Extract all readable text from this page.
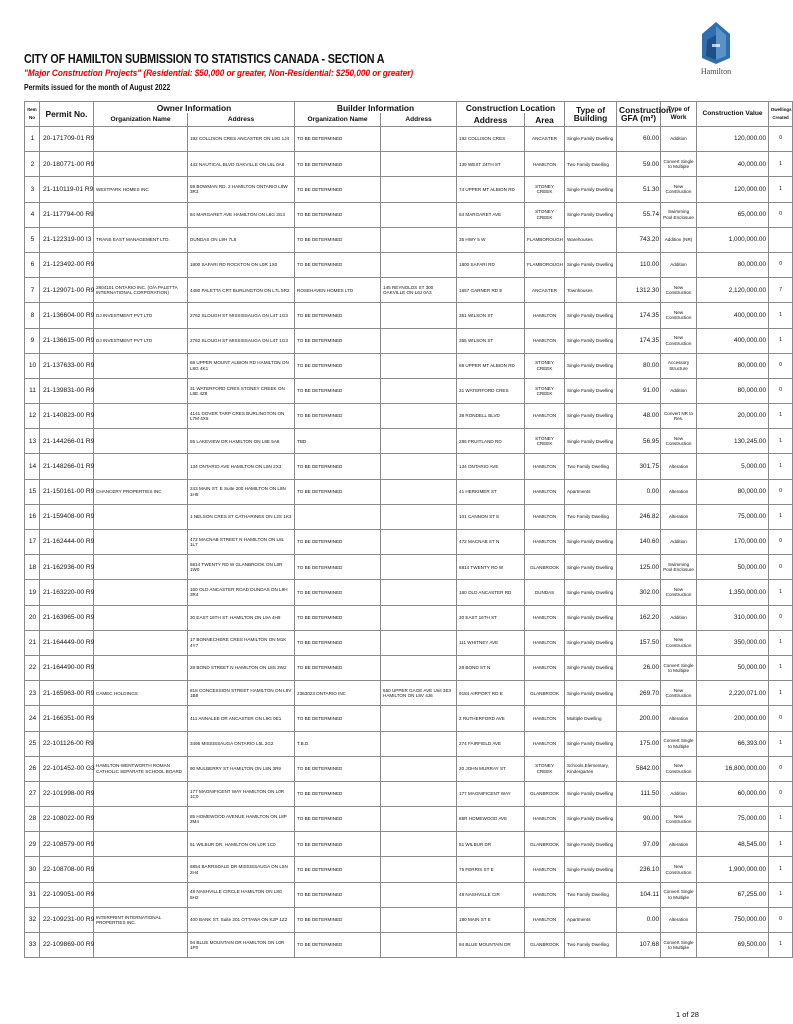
Hamilton
CITY OF HAMILTON SUBMISSION TO STATISTICS CANADA - SECTION A
"Major Construction Projects" (Residential: $50,000 or greater, Non-Residential: $250,000 or greater)
Permits issued for the month of August 2022
Item No	Permit No.	Owner Information		Builder Information		Construction Location		Type of Building	Construction GFA (m²)	Type of Work	Construction Value	Dwellings Created
		Organization Name	Address	Organization Name	Address	Address	Area					
1	20-171709-01 R9		192 COLLISON CRES ANCASTER ON L9G 1J4	TO BE DETERMINED		192 COLLISON CRES	ANCASTER	Single Family Dwelling	60.00	Addition	120,000.00	0
2	20-180771-00 R9		442 NAUTICAL BLVD OAKVILLE ON L6L 0A8	TO BE DETERMINED		139 WEST 24TH ST	HAMILTON	Two Family Dwelling	59.00	Convert Single to Multiple	40,000.00	1
3	21-110119-01 R9	WESTPARK HOMES INC	59 BOWMAN RD. 2 HAMILTON ONTARIO L8W 3R3	TO BE DETERMINED		74 UPPER MT ALBION RD	STONEY CREEK	Single Family Dwelling	51.30	New Construction	120,000.00	1
4	21-117794-00 R9		84 MARGARET AVE HAMILTON ON L8G 3G3	TO BE DETERMINED		84 MARGARET AVE	STONEY CREEK	Single Family Dwelling	55.74	Swimming Pool Enclosure	65,000.00	0
5	21-122319-00 I3	TRANS EAST MANAGEMENT LTD.	DUNDAS ON L9H 7L8	TO BE DETERMINED		35 HWY 5 W	FLAMBOROUGH	Warehouses	743.20	Addition (NR)	1,000,000.00	
6	21-123492-00 R9		1800 SAFARI RD ROCKTON ON L0R 1X0	TO BE DETERMINED		1800 SAFARI RD	FLAMBOROUGH	Single Family Dwelling	110.00	Addition	80,000.00	0
7	21-129071-00 R9	2804101 ONTARIO INC. (O/A PALETTA INTERNATIONAL CORPORATION)	4480 PALETTA CRT BURLINGTON ON L7L 5R2	ROSEHAVEN HOMES LTD	145 REYNOLDS ST 300 OAKVILLE ON L6J 0A3	1657 GARNER RD E	ANCASTER	Townhouses	1312.30	New Construction	2,120,000.00	7
8	21-136604-00 R9	DJ INVESTMENT PVT LTD	2762 SLOUGH ST MISSISSAUGA ON L4T 1G3	TO BE DETERMINED		351 WILSON ST	HAMILTON	Single Family Dwelling	174.35	New Construction	400,000.00	1
9	21-136615-00 R9	DJ INVESTMENT PVT LTD	2762 SLOUGH ST MISSISSAUGA ON L4T 1G3	TO BE DETERMINED		355 WILSON ST	HAMILTON	Single Family Dwelling	174.35	New Construction	400,000.00	1
10	21-137633-00 R9		68 UPPER MOUNT ALBION RD HAMILTON ON L8G 4K1	TO BE DETERMINED		68 UPPER MT ALBION RD	STONEY CREEK	Single Family Dwelling	80.00	Accessory Structure	80,000.00	0
11	21-139831-00 R9		31 WATERFORD CRES STONEY CREEK ON L8E 4Z8	TO BE DETERMINED		31 WATERFORD CRES	STONEY CREEK	Single Family Dwelling	91.00	Addition	80,000.00	0
12	21-140823-00 R9		4141 DOVER TARP CRES BURLINGTON ON L7M 4X6	TO BE DETERMINED		38 RONDELL BLVD	HAMILTON	Single Family Dwelling	48.00	Convert NR to Res.	20,000.00	1
13	21-144266-01 R9		55 LAKEVIEW DR HAMILTON ON L8E 5A8	TBD		286 FRUITLAND RD	STONEY CREEK	Single Family Dwelling	56.95	New Construction	130,245.00	1
14	21-148266-01 R9		134 ONTARIO AVE HAMILTON ON L8N 2X3	TO BE DETERMINED		134 ONTARIO AVE	HAMILTON	Two Family Dwelling	301.75	Alteration	5,000.00	1
15	21-150161-00 R9	CHANCERY PROPERTIES INC	243 MAIN ST. E Suite 200 HAMILTON ON L8N 1H5	TO BE DETERMINED		41 HERKIMER ST	HAMILTON	Apartments	0.00	Alteration	80,000.00	0
16	21-159408-00 R9		1 NELSON CRES ST CATHARINES ON L2S 1K3			101 CANNON ST E	HAMILTON	Two Family Dwelling	246.82	Alteration	75,000.00	1
17	21-162444-00 R9		472 MACNAB STREET N HAMILTON ON L8L 1L7	TO BE DETERMINED		472 MACNAB ST N	HAMILTON	Single Family Dwelling	140.60	Addition	170,000.00	0
18	21-162936-00 R9		6814 TWENTY RD W GLANBROOK ON L0R 1W0	TO BE DETERMINED		6814 TWENTY RD W	GLANBROOK	Single Family Dwelling	125.00	Swimming Pool Enclosure	50,000.00	0
19	21-163220-00 R9		160 OLD ANCASTER ROAD DUNDAS ON L9H 3R4	TO BE DETERMINED		160 OLD ANCASTER RD	DUNDAS	Single Family Dwelling	302.00	New Construction	1,350,000.00	1
20	21-163965-00 R9		30 EAST 16TH ST. HAMILTON ON L9A 4H9	TO BE DETERMINED		30 EAST 16TH ST	HAMILTON	Single Family Dwelling	162.20	Addition	310,000.00	0
21	21-164449-00 R9		17 BONNECHERE CRES HAMILTON ON M1K 4Y7	TO BE DETERMINED		111 WHITNEY AVE	HAMILTON	Single Family Dwelling	157.50	New Construction	350,000.00	1
22	21-164490-00 R9		28 BOND STREET N HAMILTON ON L8S 3W2	TO BE DETERMINED		28 BOND ST N	HAMILTON	Single Family Dwelling	26.00	Convert Single to Multiple	50,000.00	1
23	21-165963-00 R9	CAMEC HOLDINGS	818 CONCESSION STREET HAMILTON ON L8V 1B8	2363023 ONTARIO INC	550 UPPER GAGE AVE Unit 3E3 HAMILTON ON L8V 4J6	9184 AIRPORT RD E	GLANBROOK	Single Family Dwelling	269.70	New Construction	2,220,071.00	1
24	21-166351-00 R9		411 ANNALEE DR ANCASTER ON L9G 0E1	TO BE DETERMINED		2 RUTHERFORD AVE	HAMILTON	Multiple Dwelling	200.00	Alteration	200,000.00	0
25	22-101126-00 R9		3495 MISSISSAUGA ONTARIO L5L 2G2	T.B.D.		274 FAIRFIELD AVE	HAMILTON	Single Family Dwelling	175.00	Convert Single to Multiple	66,393.00	1
26	22-101452-00 G3	HAMILTON-WENTWORTH ROMAN CATHOLIC SEPARATE SCHOOL BOARD	90 MULBERRY ST HAMILTON ON L8N 3R9	TO BE DETERMINED		20 JOHN MURRAY ST	STONEY CREEK	Schools,Elementary, Kindergarten	5842.00	New Construction	16,800,000.00	0
27	22-101998-00 R9		177 MAGNIFICENT WAY HAMILTON ON L0R 1C0	TO BE DETERMINED		177 MAGNIFICENT WAY	GLANBROOK	Single Family Dwelling	111.50	Addition	60,000.00	0
28	22-108022-00 R9		85 HOMEWOOD AVENUE HAMILTON ON L8P 2M4	TO BE DETERMINED		85R HOMEWOOD AVE	HAMILTON	Single Family Dwelling	90.00	New Construction	75,000.00	1
29	22-108579-00 R9		51 WILBUR DR. HAMILTON ON L0R 1C0	TO BE DETERMINED		51 WILBUR DR	GLANBROOK	Single Family Dwelling	97.09	Alteration	48,545.00	1
30	22-108708-00 R9		6854 BARRSDALE DR MISSISSAUGA ON L5N 2H4	TO BE DETERMINED		75 FERRIS ST E	HAMILTON	Single Family Dwelling	236.10	New Construction	1,900,000.00	1
31	22-109051-00 R9		48 NASHVILLE CIRCLE HAMILTON ON L8G 5H2	TO BE DETERMINED		48 NASHVILLE CIR	HAMILTON	Two Family Dwelling	104.11	Convert Single to Multiple	67,255.00	1
32	22-109231-00 R9	INTERPRINT INTERNATIONAL PROPERTIES INC.	400 BANK ST. Suite 201 OTTAWA ON K2P 1Z2	TO BE DETERMINED		180 MAIN ST E	HAMILTON	Apartments	0.00	Alteration	750,000.00	0
33	22-109869-00 R9		94 BLUE MOUNTAIN DR HAMILTON ON L0R 1P0	TO BE DETERMINED		94 BLUE MOUNTAIN DR	GLANBROOK	Two Family Dwelling	107.68	Convert Single to Multiple	69,500.00	1
1 of 28
